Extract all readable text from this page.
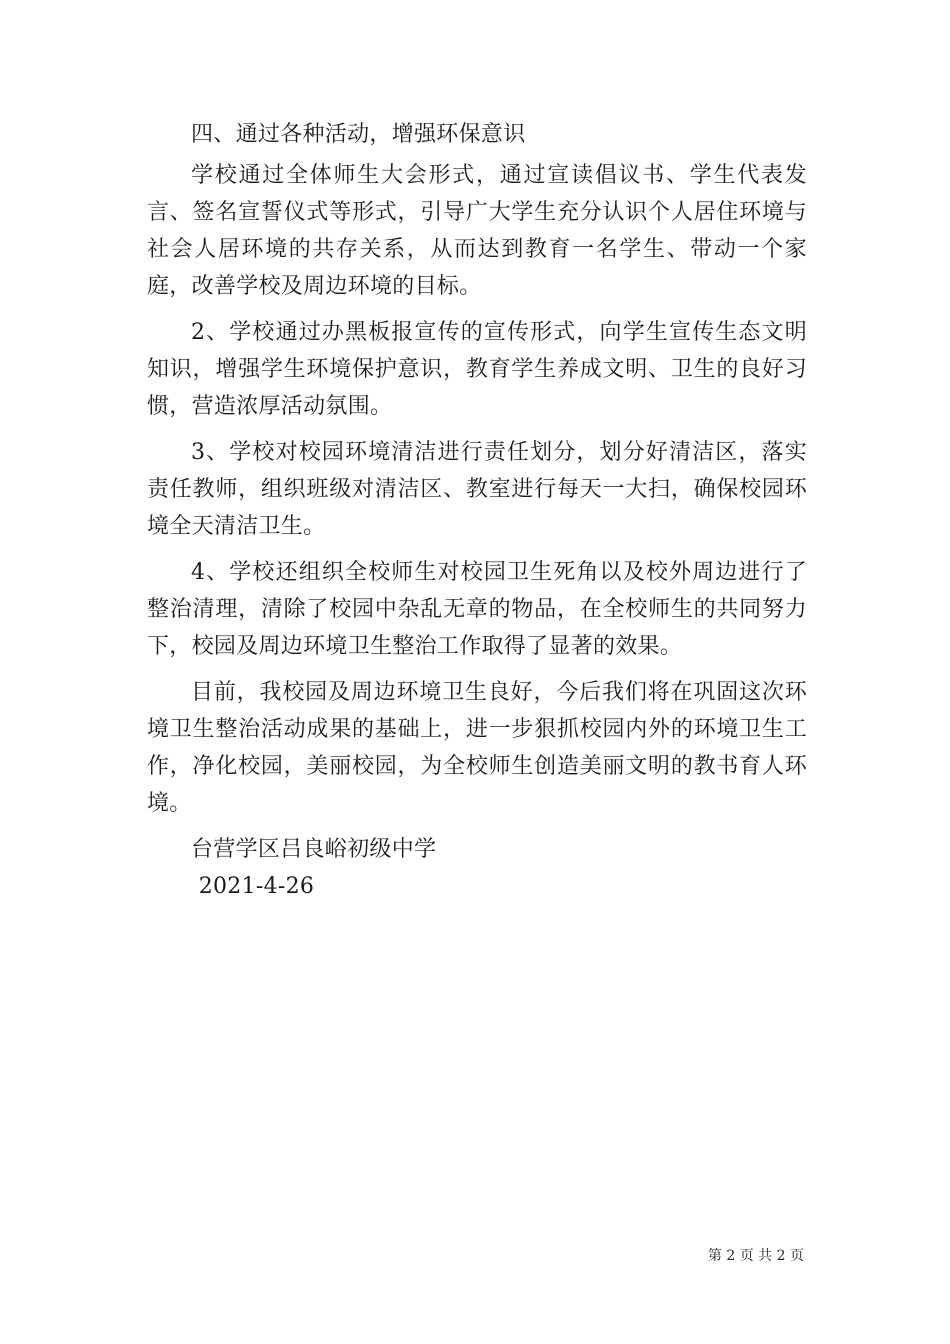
四、通过各种活动，增强环保意识

学校通过全体师生大会形式，通过宣读倡议书、学生代表发言、签名宣誓仪式等形式，引导广大学生充分认识个人居住环境与社会人居环境的共存关系，从而达到教育一名学生、带动一个家庭，改善学校及周边环境的目标。

2、学校通过办黑板报宣传的宣传形式，向学生宣传生态文明知识，增强学生环境保护意识，教育学生养成文明、卫生的良好习惯，营造浓厚活动氛围。

3、学校对校园环境清洁进行责任划分，划分好清洁区，落实责任教师，组织班级对清洁区、教室进行每天一大扫，确保校园环境全天清洁卫生。

4、学校还组织全校师生对校园卫生死角以及校外周边进行了整治清理，清除了校园中杂乱无章的物品，在全校师生的共同努力下，校园及周边环境卫生整治工作取得了显著的效果。

目前，我校园及周边环境卫生良好，今后我们将在巩固这次环境卫生整治活动成果的基础上，进一步狠抓校园内外的环境卫生工作，净化校园，美丽校园，为全校师生创造美丽文明的教书育人环境。

台营学区吕良峪初级中学

2021-4-26

第 2 页 共 2 页
